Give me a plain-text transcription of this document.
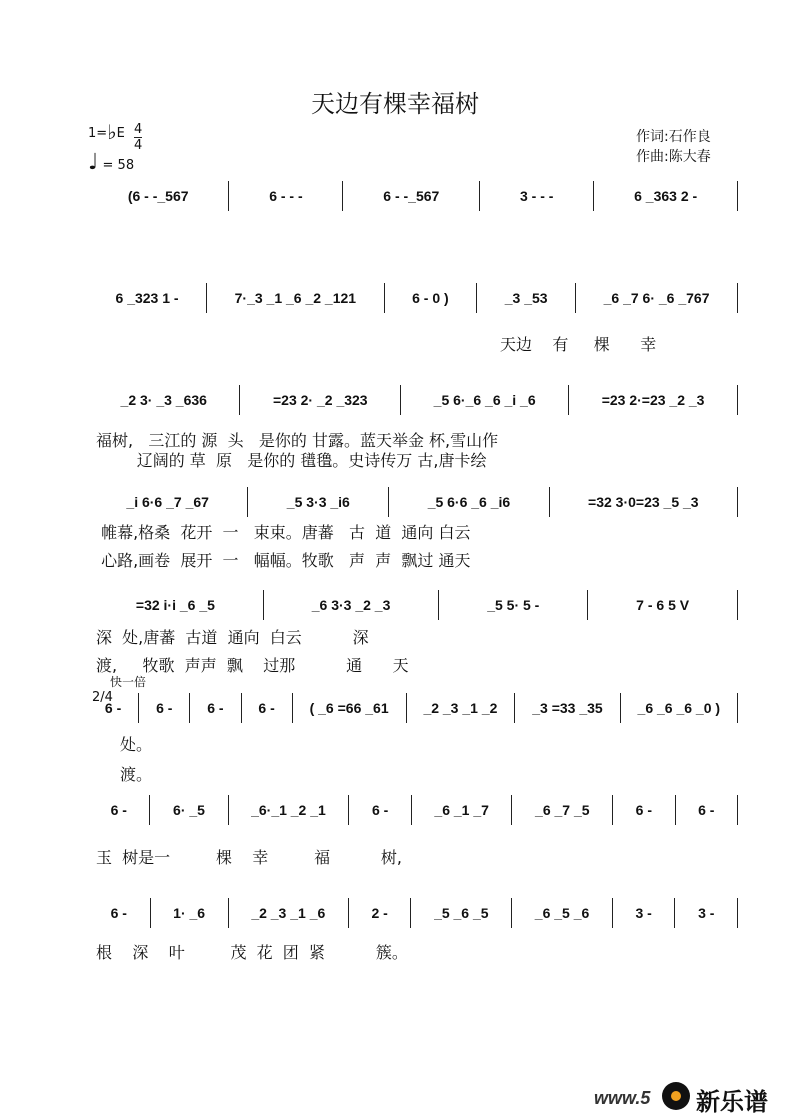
天边有棵幸福树
1=♭E $\frac{4}{4}$
♩ = 58
作词:石作良
作曲:陈大春
快一倍
2/4
(6 - -_567	6 - - -	6 - -_567	3 - - -	6 _363 2 -
6 _323 1 -	7·_3 _1 _6 _2 _121	6 - 0 )	_3 _53	_6 _7 6· _6 _767
天边    有     棵      幸
_2 3· _3 _636	=23 2· _2 _323	_5 6·_6 _6 _i _6	=23 2·=23 _2 _3
福树,   三江的 源  头   是你的 甘露。蓝天举金 杯,雪山作
辽阔的 草  原   是你的 氆氇。史诗传万 古,唐卡绘
_i 6·6 _7 _67	_5 3·3 _i6	_5 6·6 _6 _i6	=32 3·0=23 _5 _3
帷幕,格桑  花开  一   束束。唐蕃   古  道  通向 白云
心路,画卷  展开  一   幅幅。牧歌   声  声  飘过 通天
=32 i·i _6 _5	_6 3·3 _2 _3	_5 5· 5 -	7 - 6 5 V
深  处,唐蕃  古道  通向  白云          深
渡,     牧歌  声声  飘    过那          通      天
6 -	6 -	6 -	6 -	( _6 =66 _61	_2 _3 _1 _2	_3 =33 _35	_6 _6 _6 _0 )
处。
渡。
6 -	6· _5	_6·_1 _2 _1	6 -	_6 _1 _7	_6 _7 _5	6 -	6 -
玉  树是一         棵    幸         福          树,
6 -	1· _6	_2 _3 _1 _6	2 -	_5 _6 _5	_6 _5 _6	3 -	3 -
根    深    叶         茂  花  团  紧          簇。
www.5 新乐谱
